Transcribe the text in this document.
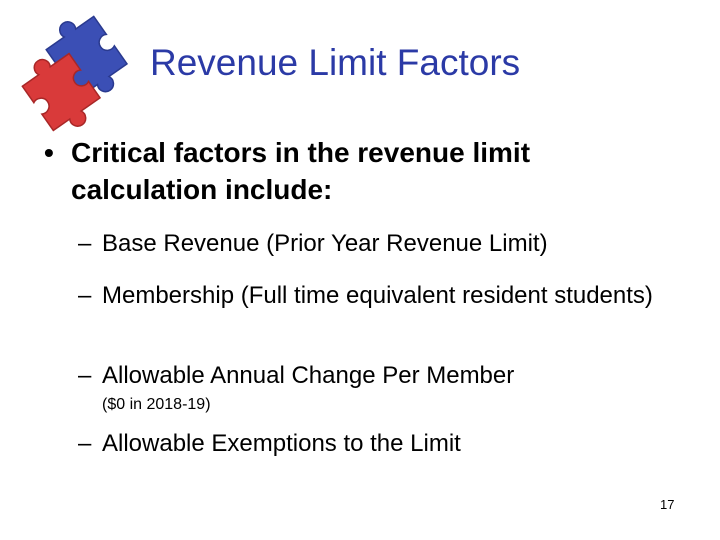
Revenue Limit Factors
• Critical factors in the revenue limit calculation include:
– Base Revenue (Prior Year Revenue Limit)
– Membership (Full time equivalent resident students)
– Allowable Annual Change Per Member
($0 in 2018-19)
– Allowable Exemptions to the Limit
17
